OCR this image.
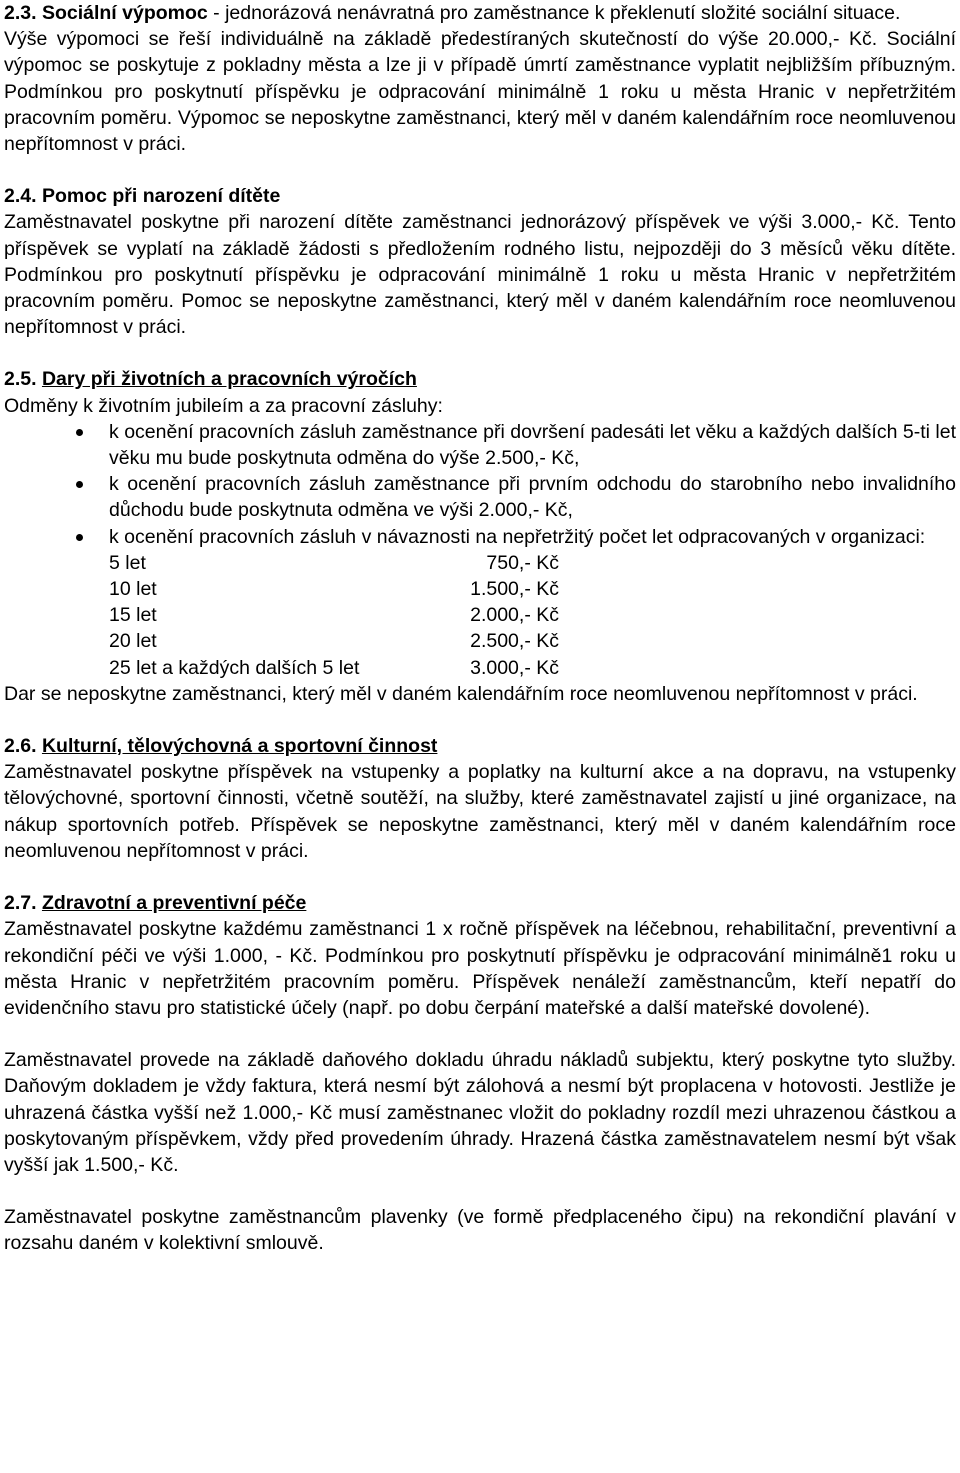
2.3. Sociální výpomoc - jednorázová nenávratná pro zaměstnance k překlenutí složité sociální situace.

Výše výpomoci se řeší individuálně na základě předestíraných skutečností do výše 20.000,- Kč. Sociální výpomoc se poskytuje z pokladny města a lze ji v případě úmrtí zaměstnance vyplatit nejbližším příbuzným. Podmínkou pro poskytnutí příspěvku je odpracování minimálně 1 roku u města Hranic v nepřetržitém pracovním poměru. Výpomoc se neposkytne zaměstnanci, který měl v daném kalendářním roce neomluvenou nepřítomnost v práci.

2.4. Pomoc při narození dítěte

Zaměstnavatel poskytne při narození dítěte zaměstnanci jednorázový příspěvek ve výši 3.000,- Kč. Tento příspěvek se vyplatí na základě žádosti s předložením rodného listu, nejpozději do 3 měsíců věku dítěte. Podmínkou pro poskytnutí příspěvku je odpracování minimálně 1 roku u města Hranic v nepřetržitém pracovním poměru. Pomoc se neposkytne zaměstnanci, který měl v daném kalendářním roce neomluvenou nepřítomnost v práci.

2.5. Dary při životních a pracovních výročích

Odměny k životním jubileím a za pracovní zásluhy:

k ocenění pracovních zásluh zaměstnance při dovršení padesáti let věku a každých dalších 5-ti let věku mu bude poskytnuta odměna do výše 2.500,- Kč,
k ocenění pracovních zásluh zaměstnance při prvním odchodu do starobního nebo invalidního důchodu bude poskytnuta odměna ve výši 2.000,- Kč,
k ocenění pracovních zásluh v návaznosti na nepřetržitý počet let odpracovaných v organizaci:
5 let	750,- Kč
10 let	1.500,- Kč
15 let	2.000,- Kč
20 let	2.500,- Kč
25 let a každých dalších 5 let	3.000,- Kč

Dar se neposkytne zaměstnanci, který měl v daném kalendářním roce neomluvenou nepřítomnost v práci.

2.6. Kulturní, tělovýchovná a sportovní činnost

Zaměstnavatel poskytne příspěvek na vstupenky a poplatky na kulturní akce a na dopravu, na vstupenky tělovýchovné, sportovní činnosti, včetně soutěží, na služby, které zaměstnavatel zajistí u jiné organizace, na nákup sportovních potřeb. Příspěvek se neposkytne zaměstnanci, který měl v daném kalendářním roce neomluvenou nepřítomnost v práci.

2.7. Zdravotní a preventivní péče

Zaměstnavatel poskytne každému zaměstnanci 1 x ročně příspěvek na léčebnou, rehabilitační, preventivní a rekondiční péči ve výši 1.000, - Kč. Podmínkou pro poskytnutí příspěvku je odpracování minimálně1 roku u města Hranic v nepřetržitém pracovním poměru. Příspěvek nenáleží zaměstnancům, kteří nepatří do evidenčního stavu pro statistické účely (např. po dobu čerpání mateřské a další mateřské dovolené).

Zaměstnavatel provede na základě daňového dokladu úhradu nákladů subjektu, který poskytne tyto služby. Daňovým dokladem je vždy faktura, která nesmí být zálohová a nesmí být proplacena v hotovosti. Jestliže je uhrazená částka vyšší než 1.000,- Kč musí zaměstnanec vložit do pokladny rozdíl mezi uhrazenou částkou a poskytovaným příspěvkem, vždy před provedením úhrady. Hrazená částka zaměstnavatelem nesmí být však vyšší jak 1.500,- Kč.

Zaměstnavatel poskytne zaměstnancům plavenky (ve formě předplaceného čipu) na rekondiční plavání v rozsahu daném v kolektivní smlouvě.
